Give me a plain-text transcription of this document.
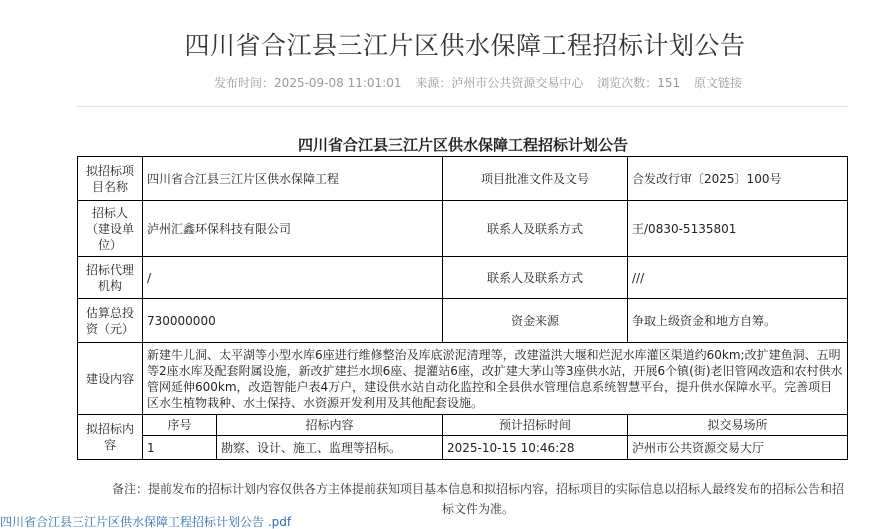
四川省合江县三江片区供水保障工程招标计划公告
发布时间：2025-09-08 11:01:01 来源：泸州市公共资源交易中心 浏览次数：151 原文链接
四川省合江县三江片区供水保障工程招标计划公告
拟招标项目名称	四川省合江县三江片区供水保障工程		项目批准文件及文号	合发改行审〔2025〕100号
招标人（建设单位）	泸州汇鑫环保科技有限公司		联系人及联系方式	王/0830-5135801
招标代理机构	/		联系人及联系方式	///
估算总投资（元）	730000000		资金来源	争取上级资金和地方自筹。
建设内容	新建牛儿洞、太平湖等小型水库6座进行维修整治及库底淤泥清理等，改建溢洪大堰和烂泥水库灌区渠道约60km;改扩建鱼洞、五明等2座水库及配套附属设施，新改扩建拦水坝6座、提灌站6座，改扩建大茅山等3座供水站，开展6个镇(街)老旧管网改造和农村供水管网延伸600km，改造智能户表4万户，建设供水站自动化监控和全县供水管理信息系统智慧平台，提升供水保障水平。完善项目区水生植物栽种、水土保持、水资源开发利用及其他配套设施。			
拟招标内容	序号	招标内容	预计招标时间	拟交易场所
	1	勘察、设计、施工、监理等招标。	2025-10-15 10:46:28	泸州市公共资源交易大厅
备注：提前发布的招标计划内容仅供各方主体提前获知项目基本信息和拟招标内容，招标项目的实际信息以招标人最终发布的招标公告和招标文件为准。
四川省合江县三江片区供水保障工程招标计划公告 .pdf
